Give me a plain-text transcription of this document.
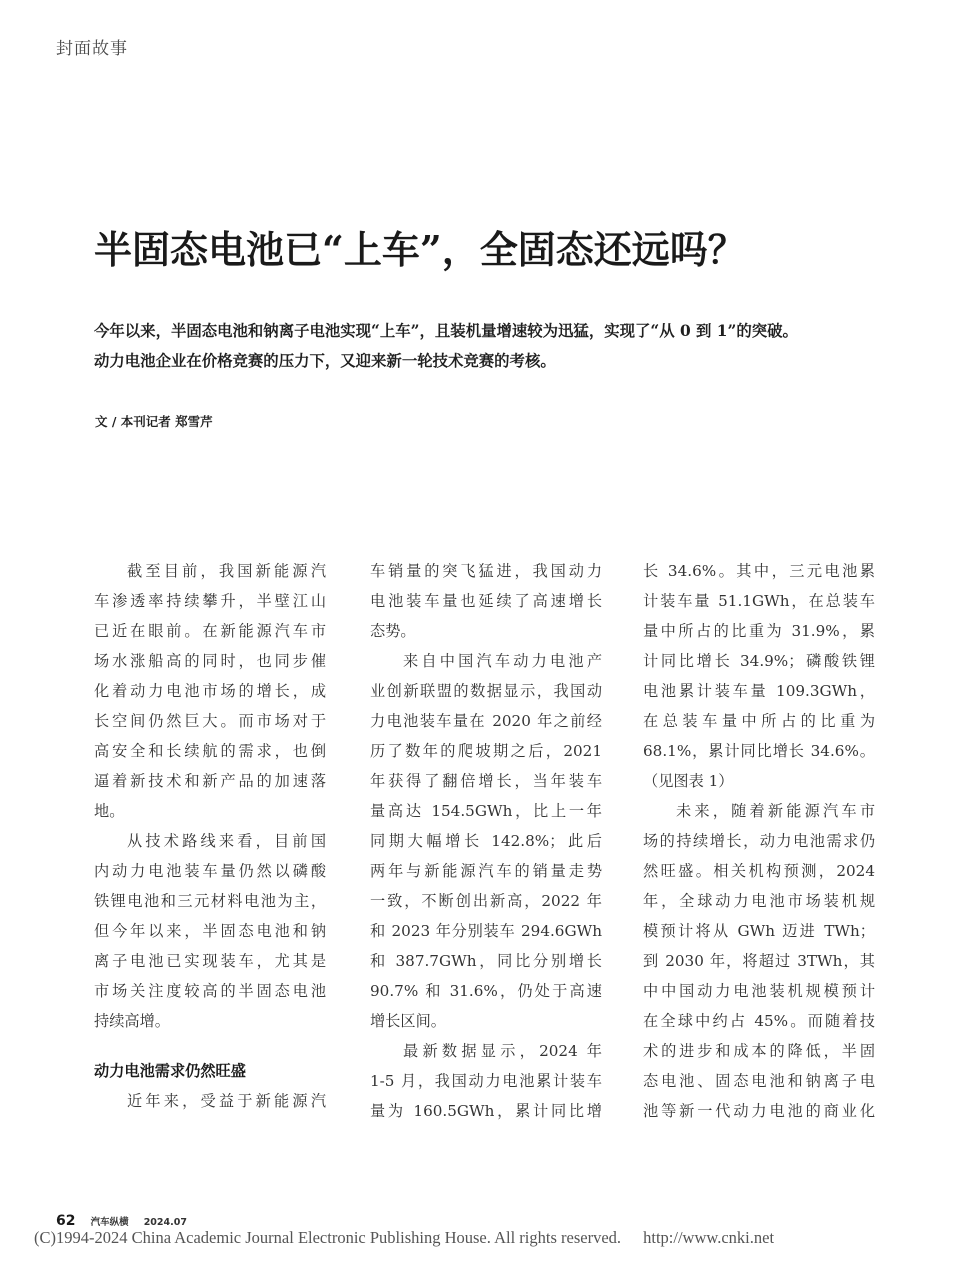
封面故事
半固态电池已“上车”，全固态还远吗？

今年以来，半固态电池和钠离子电池实现“上车”，且装机量增速较为迅猛，实现了“从 0 到 1”的突破。

动力电池企业在价格竞赛的压力下，又迎来新一轮技术竞赛的考核。

文 / 本刊记者 郑雪芹
截至目前，我国新能源汽
车渗透率持续攀升，半壁江山
已近在眼前。在新能源汽车市
场水涨船高的同时，也同步催
化着动力电池市场的增长，成
长空间仍然巨大。而市场对于
高安全和长续航的需求，也倒
逼着新技术和新产品的加速落
地。
从技术路线来看，目前国
内动力电池装车量仍然以磷酸
铁锂电池和三元材料电池为主，
但今年以来，半固态电池和钠
离子电池已实现装车，尤其是
市场关注度较高的半固态电池
持续高增。
动力电池需求仍然旺盛
近年来，受益于新能源汽
车销量的突飞猛进，我国动力
电池装车量也延续了高速增长
态势。
来自中国汽车动力电池产
业创新联盟的数据显示，我国动
力电池装车量在 2020 年之前经
历了数年的爬坡期之后，2021
年获得了翻倍增长，当年装车
量高达 154.5GWh，比上一年
同期大幅增长 142.8%；此后
两年与新能源汽车的销量走势
一致，不断创出新高，2022 年
和 2023 年分别装车 294.6GWh
和 387.7GWh，同比分别增长
90.7% 和 31.6%，仍处于高速
增长区间。
最新数据显示，2024 年
1-5 月，我国动力电池累计装车
量为 160.5GWh，累计同比增
长 34.6%。其中，三元电池累
计装车量 51.1GWh，在总装车
量中所占的比重为 31.9%，累
计同比增长 34.9%；磷酸铁锂
电池累计装车量 109.3GWh，
在总装车量中所占的比重为
68.1%，累计同比增长 34.6%。
（见图表 1）
未来，随着新能源汽车市
场的持续增长，动力电池需求仍
然旺盛。相关机构预测，2024
年，全球动力电池市场装机规
模预计将从 GWh 迈进 TWh；
到 2030 年，将超过 3TWh，其
中中国动力电池装机规模预计
在全球中约占 45%。而随着技
术的进步和成本的降低，半固
态电池、固态电池和钠离子电
池等新一代动力电池的商业化
62 汽车纵横 2024.07
(C)1994-2024 China Academic Journal Electronic Publishing House. All rights reserved. http://www.cnki.net
